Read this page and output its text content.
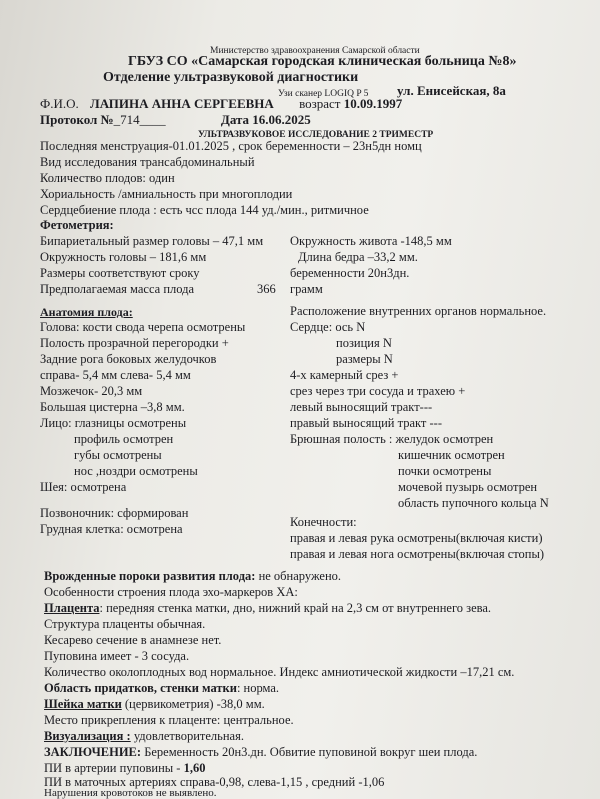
Министерство здравоохранения Самарской области
ГБУЗ СО «Самарская городская клиническая больница №8»
Отделение ультразвуковой диагностики
ул. Енисейская, 8а
Узи сканер LOGIQ P 5
Ф.И.О. ЛАПИНА АННА СЕРГЕЕВНА возраст 10.09.1997
Протокол №_714____	Дата 16.06.2025
УЛЬТРАЗВУКОВОЕ ИССЛЕДОВАНИЕ 2 ТРИМЕСТР
Последняя менструация-01.01.2025 , срок беременности – 23н5дн номц
Вид исследования трансабдоминальный
Количество плодов: один
Хориальность /амниальность при многоплодии
Сердцебиение плода : есть чсс плода 144 уд./мин., ритмичное
Фетометрия:
Бипариетальный размер головы – 47,1 мм
Окружность головы – 181,6 мм
Размеры соответствуют сроку
Предполагаемая масса плода	366
Окружность живота -148,5 мм
Длина бедра –33,2 мм.
беременности 20н3дн.
грамм
Анатомия плода:
Голова: кости свода черепа осмотрены
Полость прозрачной перегородки +
Задние рога боковых желудочков
справа- 5,4 мм слева- 5,4 мм
Мозжечок- 20,3 мм
Большая цистерна –3,8 мм.
Лицо: глазницы осмотрены
профиль осмотрен
губы осмотрены
нос ,ноздри осмотрены
Шея: осмотрена
Позвоночник: сформирован
Грудная клетка: осмотрена
Расположение внутренних органов нормальное.
Сердце: ось N
позиция N
размеры N
4-х камерный срез +
срез через три сосуда и трахею +
левый выносящий тракт---
правый выносящий тракт ---
Брюшная полость : желудок осмотрен
кишечник осмотрен
почки осмотрены
мочевой пузырь осмотрен
область пупочного кольца N
Конечности:
правая и левая рука осмотрены(включая кисти)
правая и левая нога осмотрены(включая стопы)
Врожденные пороки развития плода: не обнаружено.
Особенности строения плода эхо-маркеров ХА:
Плацента: передняя стенка матки, дно, нижний край на 2,3 см от внутреннего зева.
Структура плаценты обычная.
Кесарево сечение в анамнезе нет.
Пуповина имеет - 3 сосуда.
Количество околоплодных вод нормальное. Индекс амниотической жидкости –17,21 см.
Область придатков, стенки матки: норма.
Шейка матки (цервикометрия) -38,0 мм.
Место прикрепления к плаценте: центральное.
Визуализация : удовлетворительная.
ЗАКЛЮЧЕНИЕ: Беременность 20н3.дн. Обвитие пуповиной вокруг шеи плода.
ПИ в артерии пуповины - 1,60
ПИ в маточных артериях справа-0,98, слева-1,15 , средний -1,06
Нарушения кровотоков не выявлено.
